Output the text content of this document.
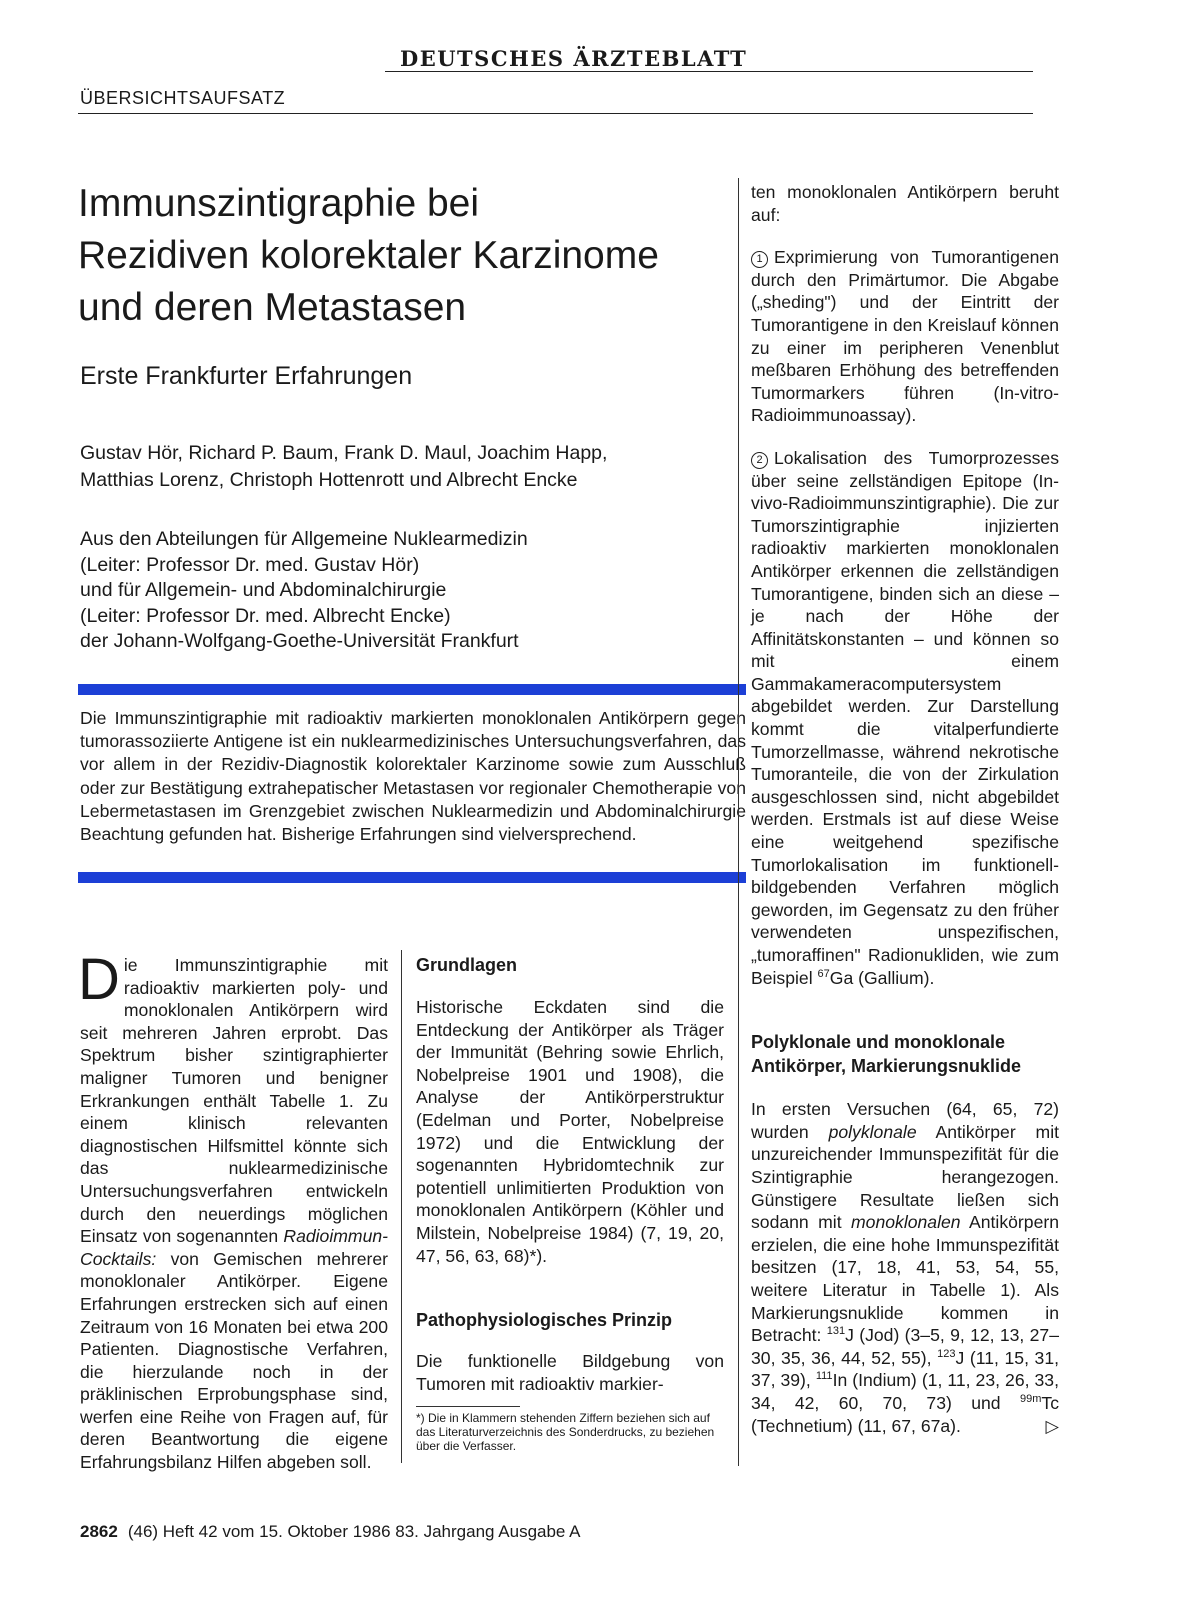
DEUTSCHES ÄRZTEBLATT
ÜBERSICHTSAUFSATZ
Immunszintigraphie bei
Rezidiven kolorektaler Karzinome
und deren Metastasen
Erste Frankfurter Erfahrungen
Gustav Hör, Richard P. Baum, Frank D. Maul, Joachim Happ,
Matthias Lorenz, Christoph Hottenrott und Albrecht Encke
Aus den Abteilungen für Allgemeine Nuklearmedizin
(Leiter: Professor Dr. med. Gustav Hör)
und für Allgemein- und Abdominalchirurgie
(Leiter: Professor Dr. med. Albrecht Encke)
der Johann-Wolfgang-Goethe-Universität Frankfurt
Die Immunszintigraphie mit radioaktiv markierten monoklonalen Antikörpern gegen tumorassoziierte Antigene ist ein nuklearmedizinisches Untersuchungsverfahren, das vor allem in der Rezidiv-Diagnostik kolorektaler Karzinome sowie zum Ausschluß oder zur Bestätigung extrahepatischer Metastasen vor regionaler Chemotherapie von Lebermetastasen im Grenzgebiet zwischen Nuklearmedizin und Abdominalchirurgie Beachtung gefunden hat. Bisherige Erfahrungen sind vielversprechend.

Die Immunszintigraphie mit radioaktiv markierten poly- und monoklonalen Antikörpern wird seit mehreren Jahren erprobt. Das Spektrum bisher szintigraphierter maligner Tumoren und benigner Erkrankungen enthält Tabelle 1. Zu einem klinisch relevanten diagnostischen Hilfsmittel könnte sich das nuklearmedizinische Untersuchungsverfahren entwickeln durch den neuerdings möglichen Einsatz von sogenannten Radioimmun-Cocktails: von Gemischen mehrerer monoklonaler Antikörper. Eigene Erfahrungen erstrecken sich auf einen Zeitraum von 16 Monaten bei etwa 200 Patienten. Diagnostische Verfahren, die hierzulande noch in der präklinischen Erprobungsphase sind, werfen eine Reihe von Fragen auf, für deren Beantwortung die eigene Erfahrungsbilanz Hilfen abgeben soll.

Grundlagen

Historische Eckdaten sind die Entdeckung der Antikörper als Träger der Immunität (Behring sowie Ehrlich, Nobelpreise 1901 und 1908), die Analyse der Antikörperstruktur (Edelman und Porter, Nobelpreise 1972) und die Entwicklung der sogenannten Hybridomtechnik zur potentiell unlimitierten Produktion von monoklonalen Antikörpern (Köhler und Milstein, Nobelpreise 1984) (7, 19, 20, 47, 56, 63, 68)*).

Pathophysiologisches Prinzip

Die funktionelle Bildgebung von Tumoren mit radioaktiv markier-

*) Die in Klammern stehenden Ziffern beziehen sich auf das Literaturverzeichnis des Sonderdrucks, zu beziehen über die Verfasser.

ten monoklonalen Antikörpern beruht auf:

1 Exprimierung von Tumorantigenen durch den Primärtumor. Die Abgabe („sheding") und der Eintritt der Tumorantigene in den Kreislauf können zu einer im peripheren Venenblut meßbaren Erhöhung des betreffenden Tumormarkers führen (In-vitro-Radioimmunoassay).

2 Lokalisation des Tumorprozesses über seine zellständigen Epitope (In-vivo-Radioimmunszintigraphie). Die zur Tumorszintigraphie injizierten radioaktiv markierten monoklonalen Antikörper erkennen die zellständigen Tumorantigene, binden sich an diese – je nach der Höhe der Affinitätskonstanten – und können so mit einem Gammakameracomputersystem abgebildet werden. Zur Darstellung kommt die vitalperfundierte Tumorzellmasse, während nekrotische Tumoranteile, die von der Zirkulation ausgeschlossen sind, nicht abgebildet werden. Erstmals ist auf diese Weise eine weitgehend spezifische Tumorlokalisation im funktionell-bildgebenden Verfahren möglich geworden, im Gegensatz zu den früher verwendeten unspezifischen, „tumoraffinen" Radionukliden, wie zum Beispiel $^{67}$Ga (Gallium).

Polyklonale und monoklonale Antikörper, Markierungsnuklide

In ersten Versuchen (64, 65, 72) wurden polyklonale Antikörper mit unzureichender Immunspezifität für die Szintigraphie herangezogen. Günstigere Resultate ließen sich sodann mit monoklonalen Antikörpern erzielen, die eine hohe Immunspezifität besitzen (17, 18, 41, 53, 54, 55, weitere Literatur in Tabelle 1). Als Markierungsnuklide kommen in Betracht: $^{131}$J (Jod) (3–5, 9, 12, 13, 27–30, 35, 36, 44, 52, 55), $^{123}$J (11, 15, 31, 37, 39), $^{111}$In (Indium) (1, 11, 23, 26, 33, 34, 42, 60, 70, 73) und $^{99m}$Tc (Technetium) (11, 67, 67a).	▷

2862 (46) Heft 42 vom 15. Oktober 1986 83. Jahrgang Ausgabe A
